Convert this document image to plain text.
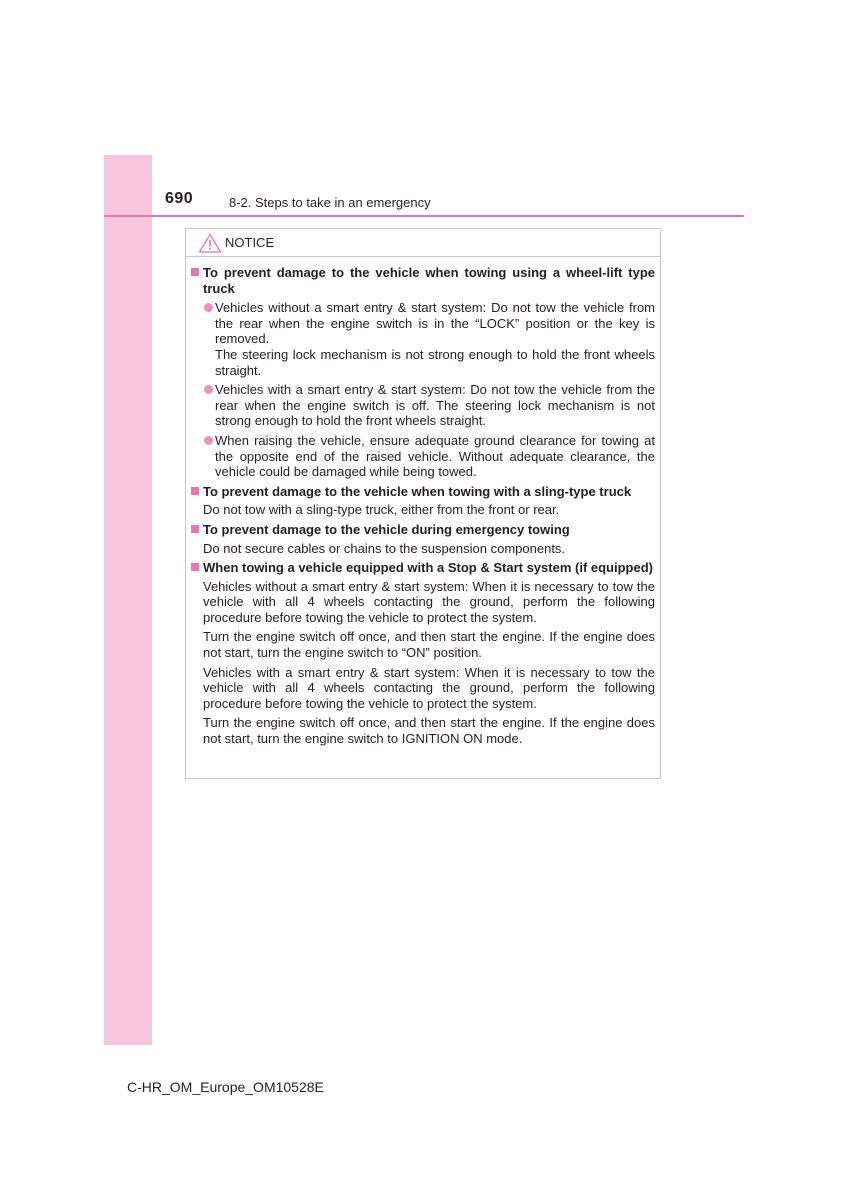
690	8-2. Steps to take in an emergency
NOTICE

To prevent damage to the vehicle when towing using a wheel-lift type truck

Vehicles without a smart entry & start system: Do not tow the vehicle from the rear when the engine switch is in the “LOCK” position or the key is removed.

The steering lock mechanism is not strong enough to hold the front wheels straight.

Vehicles with a smart entry & start system: Do not tow the vehicle from the rear when the engine switch is off. The steering lock mechanism is not strong enough to hold the front wheels straight.

When raising the vehicle, ensure adequate ground clearance for towing at the opposite end of the raised vehicle. Without adequate clearance, the vehicle could be damaged while being towed.

To prevent damage to the vehicle when towing with a sling-type truck

Do not tow with a sling-type truck, either from the front or rear.

To prevent damage to the vehicle during emergency towing

Do not secure cables or chains to the suspension components.

When towing a vehicle equipped with a Stop & Start system (if equipped)

Vehicles without a smart entry & start system: When it is necessary to tow the vehicle with all 4 wheels contacting the ground, perform the following procedure before towing the vehicle to protect the system.

Turn the engine switch off once, and then start the engine. If the engine does not start, turn the engine switch to “ON” position.

Vehicles with a smart entry & start system: When it is necessary to tow the vehicle with all 4 wheels contacting the ground, perform the following procedure before towing the vehicle to protect the system.

Turn the engine switch off once, and then start the engine. If the engine does not start, turn the engine switch to IGNITION ON mode.

C-HR_OM_Europe_OM10528E
